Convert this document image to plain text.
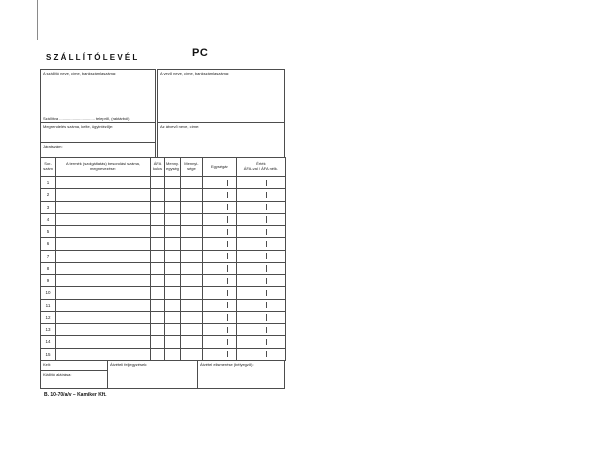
SZÁLLÍTÓLEVÉL	PC
A szállító neve, címe, bankszámlaszáma:
Szállítva ................................ telepről, (raktárból)
A vevő neve, címe, bankszámlaszáma:
Megrendelés száma, kelte, ügyintézője:	Az átvevő neve, címe:
Járatszám:
Sor-szám	A termék (szolgáltatás) besorolási száma, megnevezése:	ÁFA kulcs	Menny. egység	Mennyi-sége	Egységár	Érték
ÁFA-val / ÁFA nélk.

1						
2						
3						
4						
5						
6						
7						
8						
9						
10						
11						
12						
13						
14						
15						
Kelt:
Kiállító aláírása:
Átvételi feljegyzések:	Átvétel elismerése (bélyegző):
B. 10-70/a/v – Kamiker Kft.
